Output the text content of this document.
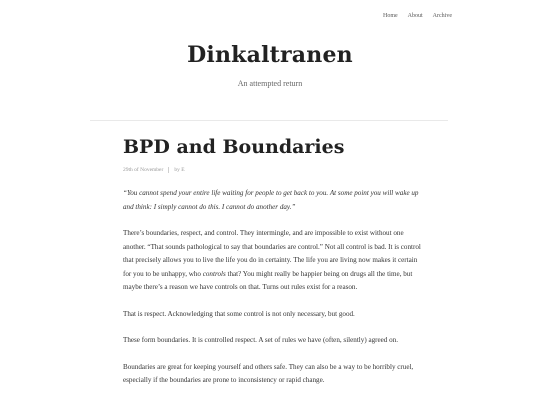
Home About Archive
Dinkaltranen
An attempted return
BPD and Boundaries
29th of November by E

“You cannot spend your entire life waiting for people to get back to you. At some point you will wake up and think: I simply cannot do this. I cannot do another day.”

There’s boundaries, respect, and control. They intermingle, and are impossible to exist without one another. “That sounds pathological to say that boundaries are control.” Not all control is bad. It is control that precisely allows you to live the life you do in certainty. The life you are living now makes it certain for you to be unhappy, who controls that? You might really be happier being on drugs all the time, but maybe there’s a reason we have controls on that. Turns out rules exist for a reason.

That is respect. Acknowledging that some control is not only necessary, but good.

These form boundaries. It is controlled respect. A set of rules we have (often, silently) agreed on.

Boundaries are great for keeping yourself and others safe. They can also be a way to be horribly cruel, especially if the boundaries are prone to inconsistency or rapid change.
